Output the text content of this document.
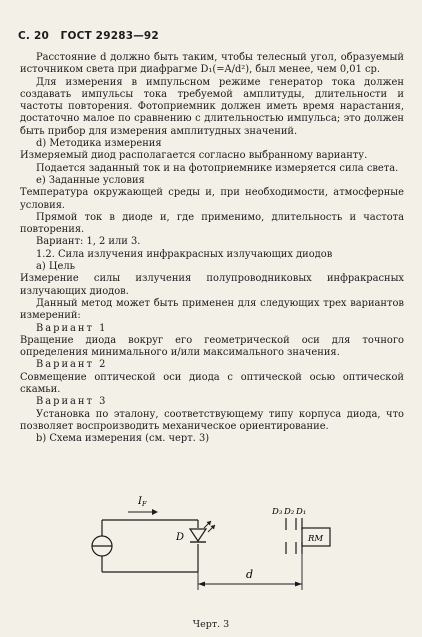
С. 20 ГОСТ 29283—92

Расстояние d должно быть таким, чтобы телесный угол, образуемый источником света при диафрагме D₁(=A/d²), был менее, чем 0,01 ср.

Для измерения в импульсном режиме генератор тока должен создавать импульсы тока требуемой амплитуды, длительности и частоты повторения. Фотоприемник должен иметь время нарастания, достаточно малое по сравнению с длительностью импульса; это должен быть прибор для измерения амплитудных значений.

d) Методика измерения

Измеряемый диод располагается согласно выбранному варианту.

Подается заданный ток и на фотоприемнике измеряется сила света.

е) Заданные условия

Температура окружающей среды и, при необходимости, атмосферные условия.

Прямой ток в диоде и, где применимо, длительность и частота повторения.

Вариант: 1, 2 или 3.

1.2. Сила излучения инфракрасных излучающих диодов

а) Цель

Измерение силы излучения полупроводниковых инфракрасных излучающих диодов.

Данный метод может быть применен для следующих трех вариантов измерений:

Вариант 1

Вращение диода вокруг его геометрической оси для точного определения минимального и/или максимального значения.

Вариант 2

Совмещение оптической оси диода с оптической осью оптической скамьи.

Вариант 3

Установка по эталону, соответствующему типу корпуса диода, что позволяет воспроизводить механическое ориентирование.

b) Схема измерения (см. черт. 3)

$I_F$
D
D₃ D₂ D₁
RM
d
Черт. 3
